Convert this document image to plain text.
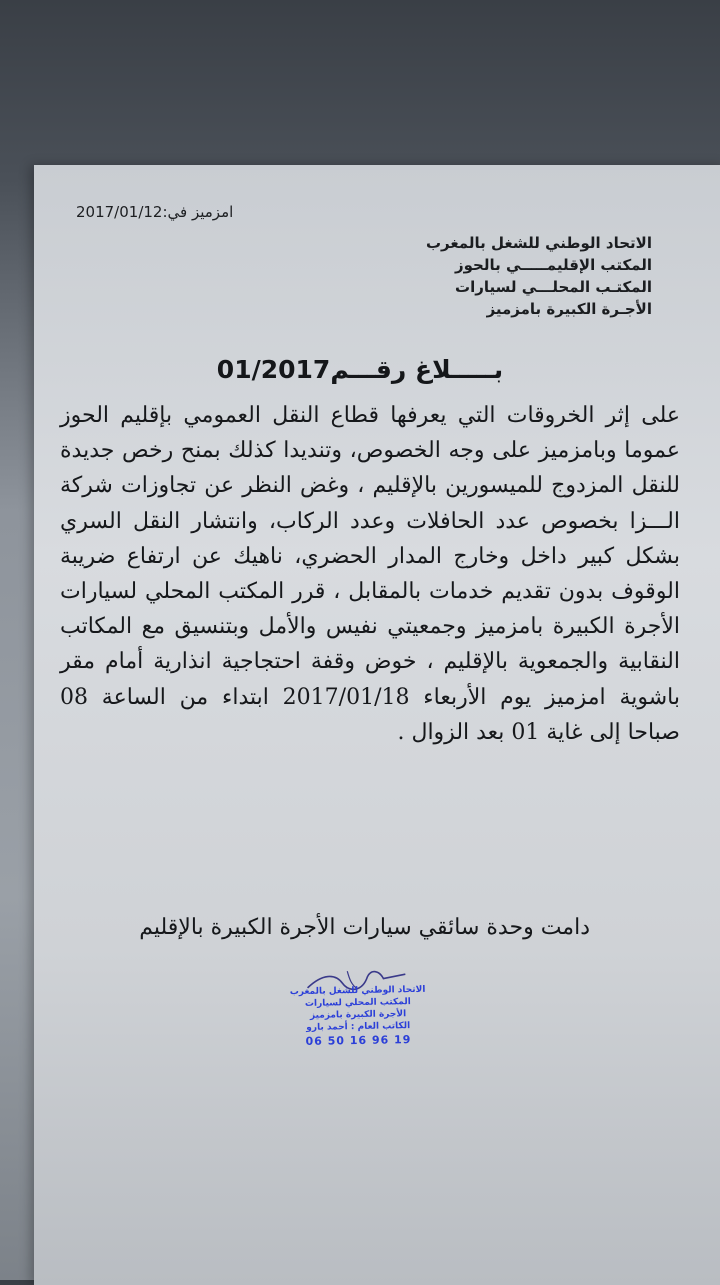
امزميز في:2017/01/12
الاتحاد الوطني للشغل بالمغرب
المكتب الإقليمـــــي بالحوز
المكتـب المحلـــي لسيارات
الأجـرة الكبيرة بامزميز
بـــــلاغ رقـــم01/2017
على إثر الخروقات التي يعرفها قطاع النقل العمومي بإقليم الحوز عموما وبامزميز على وجه الخصوص، وتنديدا كذلك بمنح رخص جديدة للنقل المزدوج للميسورين بالإقليم ، وغض النظر عن تجاوزات شركة الـــزا بخصوص عدد الحافلات وعدد الركاب، وانتشار النقل السري بشكل كبير داخل وخارج المدار الحضري، ناهيك عن ارتفاع ضريبة الوقوف بدون تقديم خدمات بالمقابل ، قرر المكتب المحلي لسيارات الأجرة الكبيرة بامزميز وجمعيتي نفيس والأمل وبتنسيق مع المكاتب النقابية والجمعوية بالإقليم ، خوض وقفة احتجاجية انذارية أمام مقر باشوية امزميز يوم الأربعاء 2017/01/18 ابتداء من الساعة 08 صباحا إلى غاية 01 بعد الزوال .
دامت وحدة سائقي سيارات الأجرة الكبيرة بالإقليم
الاتحاد الوطني للشغل بالمغرب
المكتب المحلي لسيارات
الأجرة الكبيرة بامزميز
الكاتب العام : أحمد بارو
06 50 16 96 19
